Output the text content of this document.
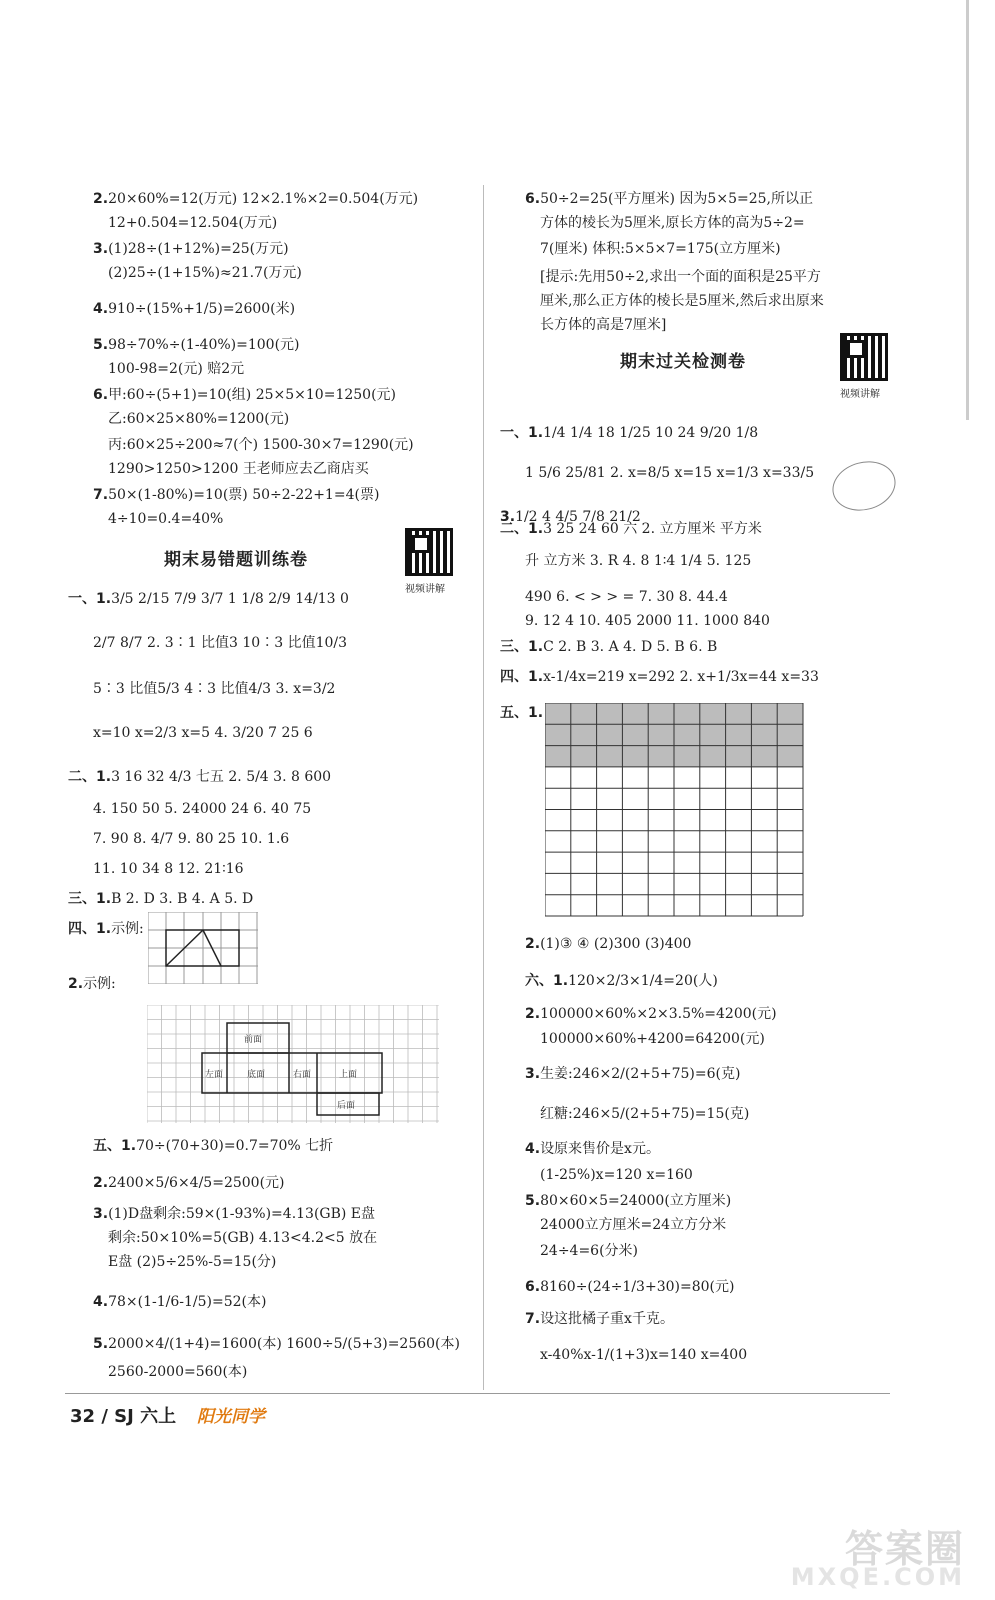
2.20×60%=12(万元) 12×2.1%×2=0.504(万元)
12+0.504=12.504(万元)
3.(1)28÷(1+12%)=25(万元)
(2)25÷(1+15%)≈21.7(万元)
4.910÷(15%+1/5)=2600(米)
5.98÷70%÷(1-40%)=100(元)
100-98=2(元) 赔2元
6.甲:60÷(5+1)=10(组) 25×5×10=1250(元)
乙:60×25×80%=1200(元)
丙:60×25÷200≈7(个) 1500-30×7=1290(元)
1290>1250>1200 王老师应去乙商店买
7.50×(1-80%)=10(票) 50÷2-22+1=4(票)
4÷10=0.4=40%
期末易错题训练卷
视频讲解
一、1.3/5 2/15 7/9 3/7 1 1/8 2/9 14/13 0
2/7 8/7 2. 3∶1 比值3 10∶3 比值10/3
5∶3 比值5/3 4∶3 比值4/3 3. x=3/2
x=10 x=2/3 x=5 4. 3/20 7 25 6
二、1.3 16 32 4/3 七五 2. 5/4 3. 8 600
4. 150 50 5. 24000 24 6. 40 75
7. 90 8. 4/7 9. 80 25 10. 1.6
11. 10 34 8 12. 21∶16
三、1.B 2. D 3. B 4. A 5. D
四、1.示例:
2.示例:
前面
左面	底面	右面	上面
后面
五、1.70÷(70+30)=0.7=70% 七折
2.2400×5/6×4/5=2500(元)
3.(1)D盘剩余:59×(1-93%)=4.13(GB) E盘
剩余:50×10%=5(GB) 4.13<4.2<5 放在
E盘 (2)5÷25%-5=15(分)
4.78×(1-1/6-1/5)=52(本)
5.2000×4/(1+4)=1600(本) 1600÷5/(5+3)=2560(本)
2560-2000=560(本)
6.50÷2=25(平方厘米) 因为5×5=25,所以正
方体的棱长为5厘米,原长方体的高为5÷2=
7(厘米) 体积:5×5×7=175(立方厘米)
[提示:先用50÷2,求出一个面的面积是25平方
厘米,那么正方体的棱长是5厘米,然后求出原来
长方体的高是7厘米]
期末过关检测卷
视频讲解
一、1.1/4 1/4 18 1/25 10 24 9/20 1/8
1 5/6 25/81 2. x=8/5 x=15 x=1/3 x=33/5
3.1/2 4 4/5 7/8 21/2
二、1.3 25 24 60 六 2. 立方厘米 平方米
升 立方米 3. R 4. 8 1∶4 1/4 5. 125
490 6. < > > = 7. 30 8. 44.4
9. 12 4 10. 405 2000 11. 1000 840
三、1.C 2. B 3. A 4. D 5. B 6. B
四、1.x-1/4x=219 x=292 2. x+1/3x=44 x=33
五、1.
2.(1)③ ④ (2)300 (3)400
六、1.120×2/3×1/4=20(人)
2.100000×60%×2×3.5%=4200(元)
100000×60%+4200=64200(元)
3.生姜:246×2/(2+5+75)=6(克)
红糖:246×5/(2+5+75)=15(克)
4.设原来售价是x元。
(1-25%)x=120 x=160
5.80×60×5=24000(立方厘米)
24000立方厘米=24立方分米
24÷4=6(分米)
6.8160÷(24÷1/3+30)=80(元)
7.设这批橘子重x千克。
x-40%x-1/(1+3)x=140 x=400
32 / SJ 六上 阳光同学
答案圈
MXQE.COM
